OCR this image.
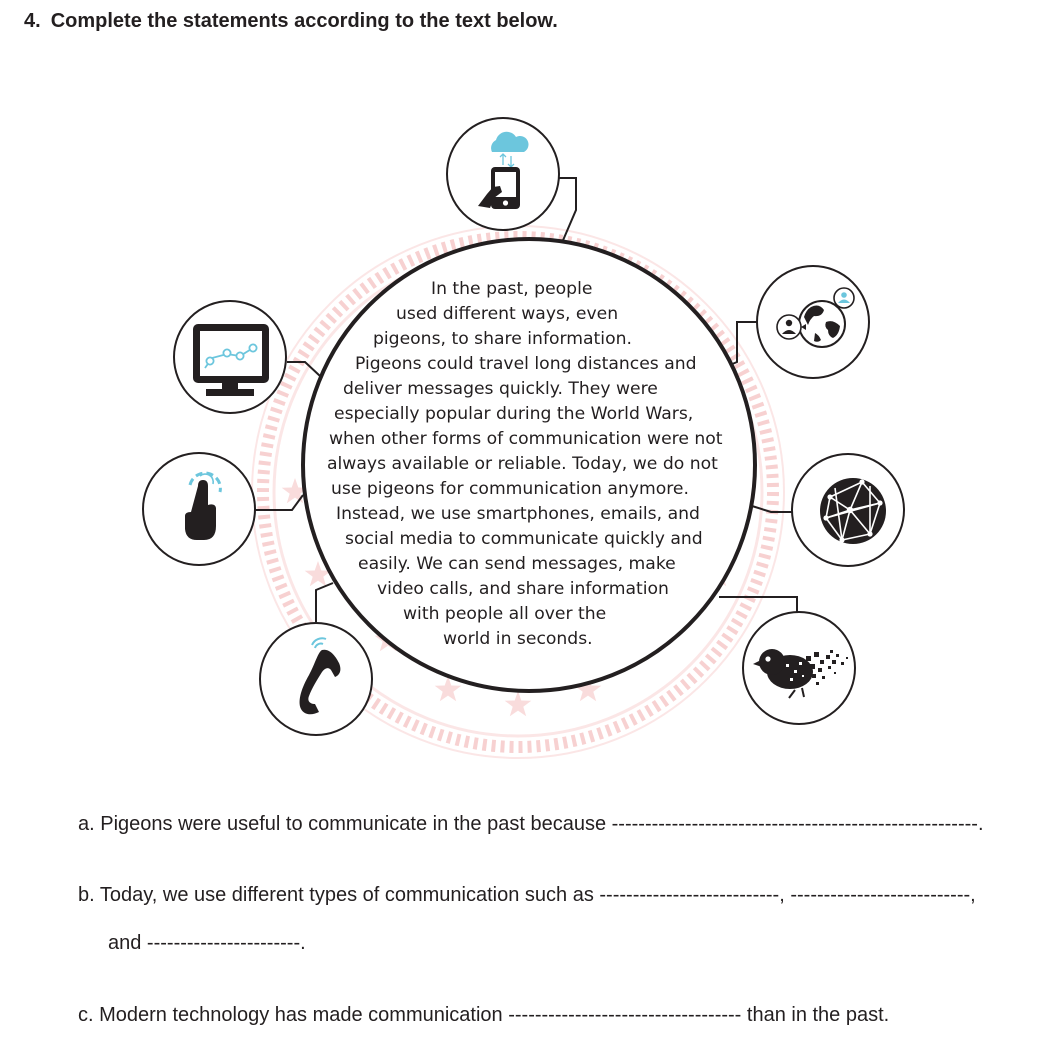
4. Complete the statements according to the text below.
In the past, people
used different ways, even
pigeons, to share information.
Pigeons could travel long distances and
deliver messages quickly. They were
especially popular during the World Wars,
when other forms of communication were not
always available or reliable. Today, we do not
use pigeons for communication anymore.
Instead, we use smartphones, emails, and
social media to communicate quickly and
easily. We can send messages, make
video calls, and share information
with people all over the
world in seconds.
a. Pigeons were useful to communicate in the past because -------------------------------------------------------.
b. Today, we use different types of communication such as ---------------------------, ---------------------------,
and -----------------------.
c. Modern technology has made communication ----------------------------------- than in the past.
